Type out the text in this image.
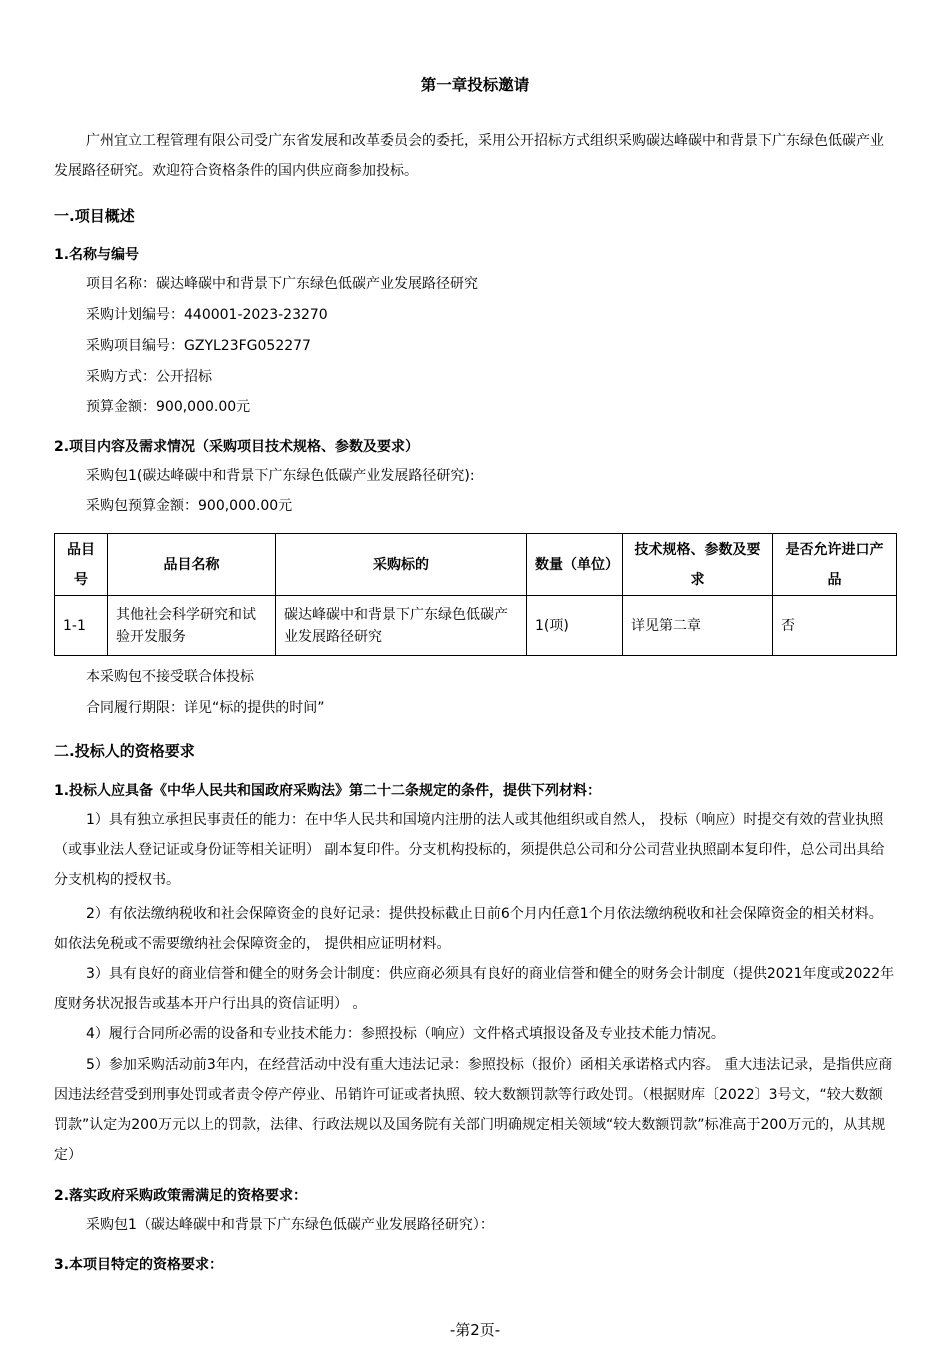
第一章投标邀请
广州宜立工程管理有限公司受广东省发展和改革委员会的委托，采用公开招标方式组织采购碳达峰碳中和背景下广东绿色低碳产业发展路径研究。欢迎符合资格条件的国内供应商参加投标。
一.项目概述
1.名称与编号
项目名称：碳达峰碳中和背景下广东绿色低碳产业发展路径研究
采购计划编号：440001-2023-23270
采购项目编号：GZYL23FG052277
采购方式：公开招标
预算金额：900,000.00元
2.项目内容及需求情况（采购项目技术规格、参数及要求）
采购包1(碳达峰碳中和背景下广东绿色低碳产业发展路径研究):
采购包预算金额：900,000.00元
品目号	品目名称	采购标的	数量（单位）	技术规格、参数及要求	是否允许进口产品
1-1	其他社会科学研究和试验开发服务	碳达峰碳中和背景下广东绿色低碳产业发展路径研究	1(项)	详见第二章	否
本采购包不接受联合体投标
合同履行期限：详见“标的提供的时间”
二.投标人的资格要求
1.投标人应具备《中华人民共和国政府采购法》第二十二条规定的条件，提供下列材料：
1）具有独立承担民事责任的能力：在中华人民共和国境内注册的法人或其他组织或自然人， 投标（响应）时提交有效的营业执照（或事业法人登记证或身份证等相关证明） 副本复印件。分支机构投标的，须提供总公司和分公司营业执照副本复印件，总公司出具给分支机构的授权书。
2）有依法缴纳税收和社会保障资金的良好记录：提供投标截止日前6个月内任意1个月依法缴纳税收和社会保障资金的相关材料。 如依法免税或不需要缴纳社会保障资金的， 提供相应证明材料。
3）具有良好的商业信誉和健全的财务会计制度：供应商必须具有良好的商业信誉和健全的财务会计制度（提供2021年度或2022年度财务状况报告或基本开户行出具的资信证明） 。
4）履行合同所必需的设备和专业技术能力：参照投标（响应）文件格式填报设备及专业技术能力情况。
5）参加采购活动前3年内，在经营活动中没有重大违法记录：参照投标（报价）函相关承诺格式内容。 重大违法记录，是指供应商因违法经营受到刑事处罚或者责令停产停业、吊销许可证或者执照、较大数额罚款等行政处罚。（根据财库〔2022〕3号文，“较大数额罚款”认定为200万元以上的罚款，法律、行政法规以及国务院有关部门明确规定相关领域“较大数额罚款”标准高于200万元的，从其规定）
2.落实政府采购政策需满足的资格要求：
采购包1（碳达峰碳中和背景下广东绿色低碳产业发展路径研究）：
3.本项目特定的资格要求：
-第2页-
